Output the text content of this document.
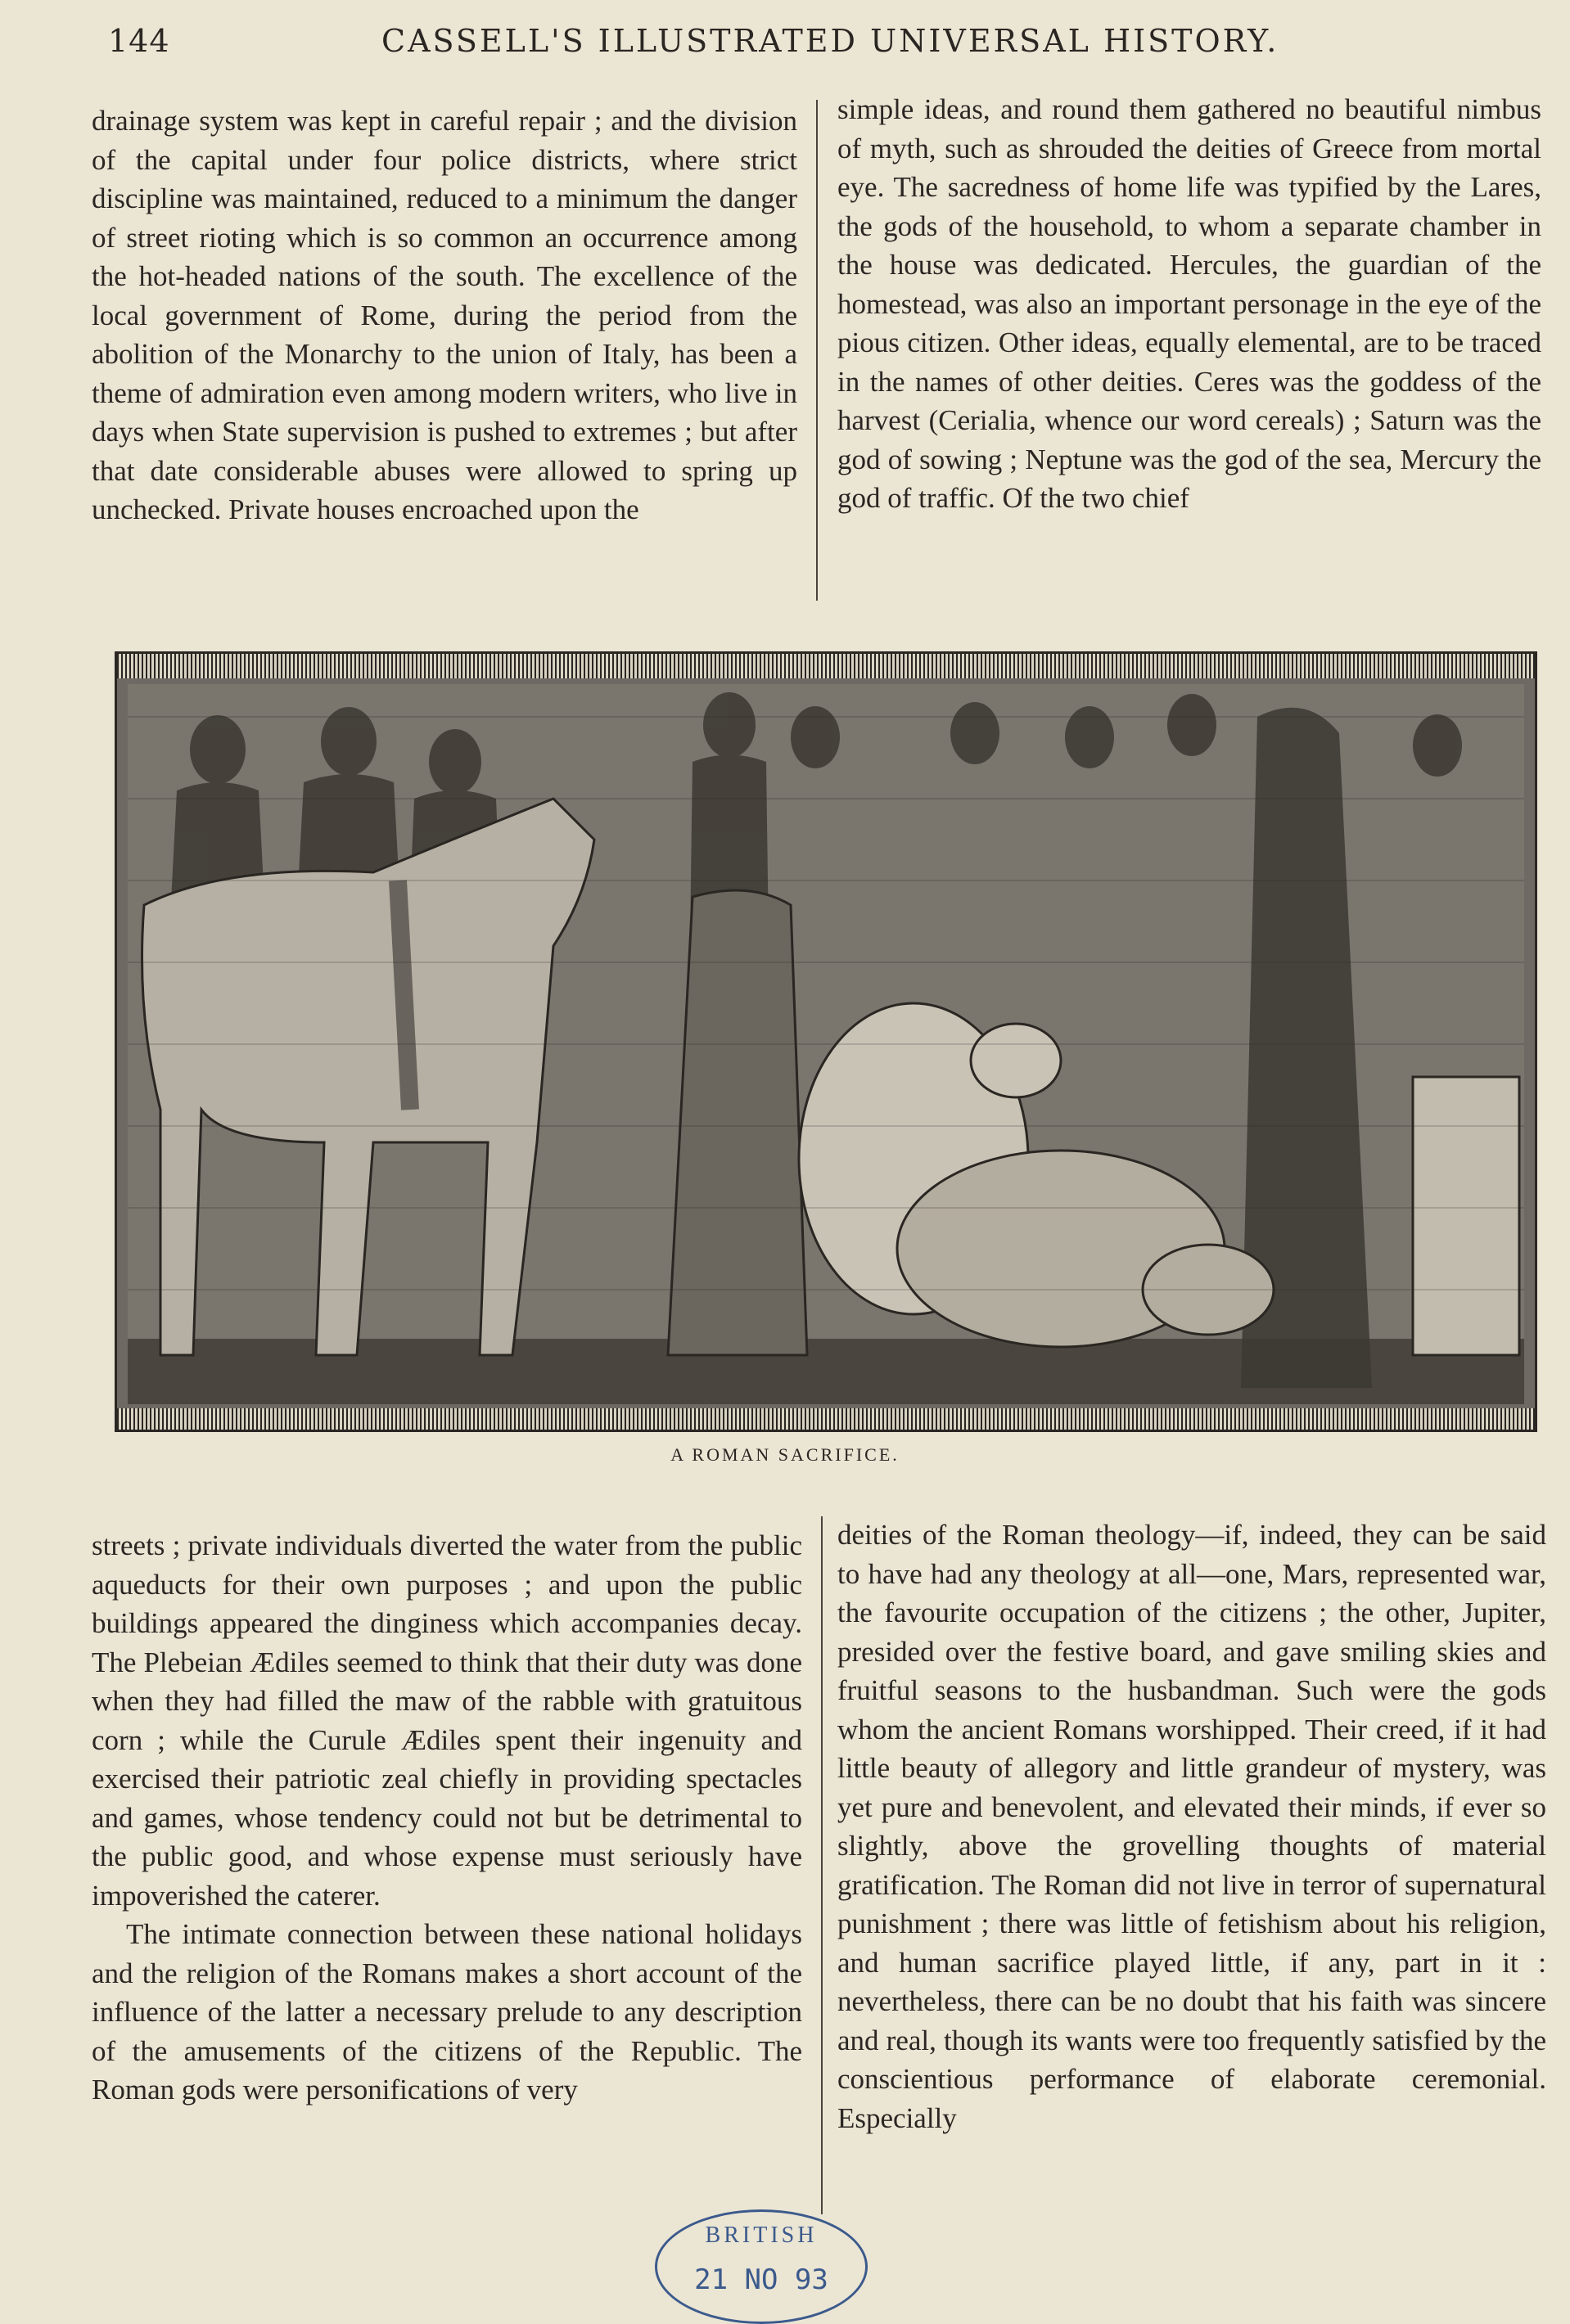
144	CASSELL'S ILLUSTRATED UNIVERSAL HISTORY.

drainage system was kept in careful repair ; and the division of the capital under four police districts, where strict discipline was maintained, reduced to a minimum the danger of street rioting which is so common an occurrence among the hot-headed nations of the south. The excellence of the local government of Rome, during the period from the abolition of the Monarchy to the union of Italy, has been a theme of admiration even among modern writers, who live in days when State supervision is pushed to extremes ; but after that date considerable abuses were allowed to spring up unchecked. Private houses encroached upon the

simple ideas, and round them gathered no beautiful nimbus of myth, such as shrouded the deities of Greece from mortal eye. The sacredness of home life was typified by the Lares, the gods of the household, to whom a separate chamber in the house was dedicated. Hercules, the guardian of the homestead, was also an important personage in the eye of the pious citizen. Other ideas, equally elemental, are to be traced in the names of other deities. Ceres was the goddess of the harvest (Cerialia, whence our word cereals) ; Saturn was the god of sowing ; Neptune was the god of the sea, Mercury the god of traffic. Of the two chief

A ROMAN SACRIFICE.

streets ; private individuals diverted the water from the public aqueducts for their own purposes ; and upon the public buildings appeared the dinginess which accompanies decay. The Plebeian Ædiles seemed to think that their duty was done when they had filled the maw of the rabble with gratuitous corn ; while the Curule Ædiles spent their ingenuity and exercised their patriotic zeal chiefly in providing spectacles and games, whose tendency could not but be detrimental to the public good, and whose expense must seriously have impoverished the caterer.

The intimate connection between these national holidays and the religion of the Romans makes a short account of the influence of the latter a necessary prelude to any description of the amusements of the citizens of the Republic. The Roman gods were personifications of very

deities of the Roman theology—if, indeed, they can be said to have had any theology at all—one, Mars, represented war, the favourite occupation of the citizens ; the other, Jupiter, presided over the festive board, and gave smiling skies and fruitful seasons to the husbandman. Such were the gods whom the ancient Romans worshipped. Their creed, if it had little beauty of allegory and little grandeur of mystery, was yet pure and benevolent, and elevated their minds, if ever so slightly, above the grovelling thoughts of material gratification. The Roman did not live in terror of supernatural punishment ; there was little of fetishism about his religion, and human sacrifice played little, if any, part in it : nevertheless, there can be no doubt that his faith was sincere and real, though its wants were too frequently satisfied by the conscientious performance of elaborate ceremonial. Especially

BRITISH
21 NO 93
